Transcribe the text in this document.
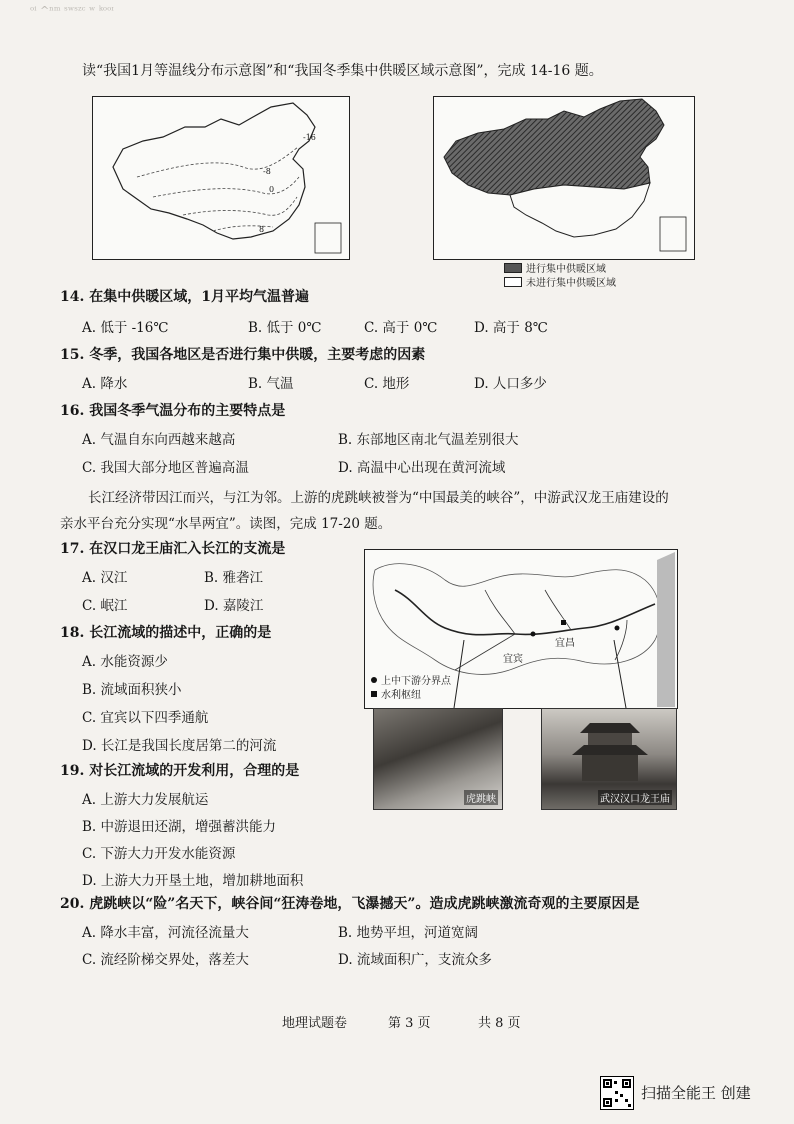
ᵒⁱ ^ⁿᵐ ˢʷˢᶻᶜ ʷ ᵏᵒᵒᶦ
读“我国1月等温线分布示意图”和“我国冬季集中供暖区域示意图”，完成 14-16 题。
-16
-8
0
8
进行集中供暖区域
未进行集中供暖区域
14. 在集中供暖区域，1月平均气温普遍
A. 低于 -16℃	B. 低于 0℃	C. 高于 0℃	D. 高于 8℃
15. 冬季，我国各地区是否进行集中供暖，主要考虑的因素
A. 降水	B. 气温	C. 地形	D. 人口多少
16. 我国冬季气温分布的主要特点是
A. 气温自东向西越来越高	B. 东部地区南北气温差别很大
C. 我国大部分地区普遍高温	D. 高温中心出现在黄河流域
长江经济带因江而兴，与江为邻。上游的虎跳峡被誉为“中国最美的峡谷”，中游武汉龙王庙建设的
亲水平台充分实现“水旱两宜”。读图，完成 17-20 题。
17. 在汉口龙王庙汇入长江的支流是
A. 汉江	B. 雅砻江
C. 岷江	D. 嘉陵江
18. 长江流域的描述中，正确的是
A. 水能资源少
B. 流域面积狭小
C. 宜宾以下四季通航
D. 长江是我国长度居第二的河流
19. 对长江流域的开发利用，合理的是
A. 上游大力发展航运
B. 中游退田还湖，增强蓄洪能力
C. 下游大力开发水能资源
D. 上游大力开垦土地，增加耕地面积
宜宾
宜昌
上中下游分界点
水利枢纽
虎跳峡	武汉汉口龙王庙
20. 虎跳峡以“险”名天下，峡谷间“狂涛卷地，飞瀑撼天”。造成虎跳峡激流奇观的主要原因是
A. 降水丰富，河流径流量大	B. 地势平坦，河道宽阔
C. 流经阶梯交界处，落差大	D. 流域面积广，支流众多
地理试题卷	第 3 页	共 8 页
扫描全能王 创建
